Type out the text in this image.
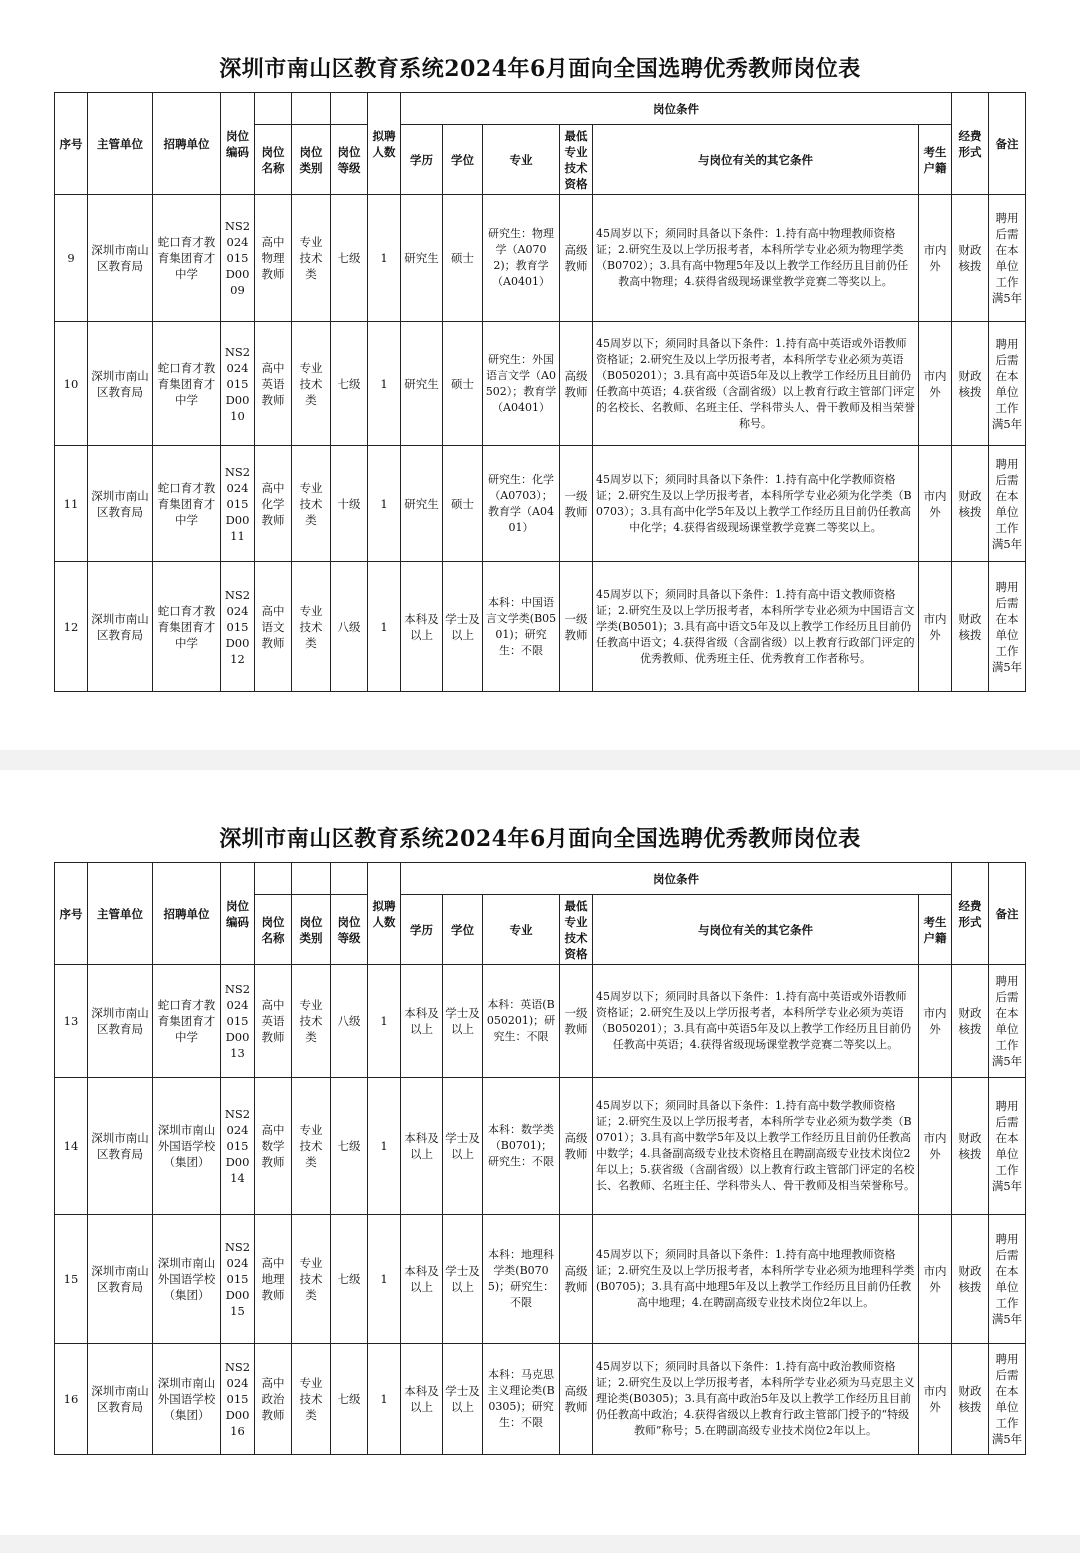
深圳市南山区教育系统2024年6月面向全国选聘优秀教师岗位表
序号	主管单位	招聘单位	岗位编码				拟聘人数	岗位条件						经费形式	备注
				岗位名称	岗位类别	岗位等级		学历	学位	专业	最低专业技术资格	与岗位有关的其它条件	考生户籍		
9	深圳市南山区教育局	蛇口育才教育集团育才中学	NS2024015D0009	高中物理教师	专业技术类	七级	1	研究生	硕士	研究生：物理学（A0702)；教育学（A0401）	高级教师	45周岁以下；须同时具备以下条件：1.持有高中物理教师资格证；2.研究生及以上学历报考者，本科所学专业必须为物理学类（B0702）；3.具有高中物理5年及以上教学工作经历且目前仍任教高中物理；4.获得省级现场课堂教学竞赛二等奖以上。	市内外	财政核拨	聘用后需在本单位工作满5年
10	深圳市南山区教育局	蛇口育才教育集团育才中学	NS2024015D0010	高中英语教师	专业技术类	七级	1	研究生	硕士	研究生：外国语言文学（A0502）；教育学（A0401）	高级教师	45周岁以下；须同时具备以下条件：1.持有高中英语或外语教师资格证；2.研究生及以上学历报考者，本科所学专业必须为英语（B050201）；3.具有高中英语5年及以上教学工作经历且目前仍任教高中英语；4.获省级（含副省级）以上教育行政主管部门评定的名校长、名教师、名班主任、学科带头人、骨干教师及相当荣誉称号。	市内外	财政核拨	聘用后需在本单位工作满5年
11	深圳市南山区教育局	蛇口育才教育集团育才中学	NS2024015D0011	高中化学教师	专业技术类	十级	1	研究生	硕士	研究生：化学（A0703）；教育学（A0401）	一级教师	45周岁以下；须同时具备以下条件：1.持有高中化学教师资格证；2.研究生及以上学历报考者，本科所学专业必须为化学类（B0703）；3.具有高中化学5年及以上教学工作经历且目前仍任教高中化学；4.获得省级现场课堂教学竞赛二等奖以上。	市内外	财政核拨	聘用后需在本单位工作满5年
12	深圳市南山区教育局	蛇口育才教育集团育才中学	NS2024015D0012	高中语文教师	专业技术类	八级	1	本科及以上	学士及以上	本科：中国语言文学类(B0501)；研究生：不限	一级教师	45周岁以下；须同时具备以下条件：1.持有高中语文教师资格证；2.研究生及以上学历报考者，本科所学专业必须为中国语言文学类(B0501)；3.具有高中语文5年及以上教学工作经历且目前仍任教高中语文；4.获得省级（含副省级）以上教育行政部门评定的优秀教师、优秀班主任、优秀教育工作者称号。	市内外	财政核拨	聘用后需在本单位工作满5年
深圳市南山区教育系统2024年6月面向全国选聘优秀教师岗位表
序号	主管单位	招聘单位	岗位编码				拟聘人数	岗位条件						经费形式	备注
				岗位名称	岗位类别	岗位等级		学历	学位	专业	最低专业技术资格	与岗位有关的其它条件	考生户籍		
13	深圳市南山区教育局	蛇口育才教育集团育才中学	NS2024015D0013	高中英语教师	专业技术类	八级	1	本科及以上	学士及以上	本科：英语(B050201)；研究生：不限	一级教师	45周岁以下；须同时具备以下条件：1.持有高中英语或外语教师资格证；2.研究生及以上学历报考者，本科所学专业必须为英语（B050201）；3.具有高中英语5年及以上教学工作经历且目前仍任教高中英语；4.获得省级现场课堂教学竞赛二等奖以上。	市内外	财政核拨	聘用后需在本单位工作满5年
14	深圳市南山区教育局	深圳市南山外国语学校（集团）	NS2024015D0014	高中数学教师	专业技术类	七级	1	本科及以上	学士及以上	本科：数学类（B0701)；研究生：不限	高级教师	45周岁以下；须同时具备以下条件：1.持有高中数学教师资格证；2.研究生及以上学历报考者，本科所学专业必须为数学类（B0701）；3.具有高中数学5年及以上教学工作经历且目前仍任教高中数学；4.具备副高级专业技术资格且在聘副高级专业技术岗位2年以上；5.获省级（含副省级）以上教育行政主管部门评定的名校长、名教师、名班主任、学科带头人、骨干教师及相当荣誉称号。	市内外	财政核拨	聘用后需在本单位工作满5年
15	深圳市南山区教育局	深圳市南山外国语学校（集团）	NS2024015D0015	高中地理教师	专业技术类	七级	1	本科及以上	学士及以上	本科：地理科学类(B0705)；研究生：不限	高级教师	45周岁以下；须同时具备以下条件：1.持有高中地理教师资格证；2.研究生及以上学历报考者，本科所学专业必须为地理科学类(B0705)；3.具有高中地理5年及以上教学工作经历且目前仍任教高中地理；4.在聘副高级专业技术岗位2年以上。	市内外	财政核拨	聘用后需在本单位工作满5年
16	深圳市南山区教育局	深圳市南山外国语学校（集团）	NS2024015D0016	高中政治教师	专业技术类	七级	1	本科及以上	学士及以上	本科：马克思主义理论类(B0305)；研究生：不限	高级教师	45周岁以下；须同时具备以下条件：1.持有高中政治教师资格证；2.研究生及以上学历报考者，本科所学专业必须为马克思主义理论类(B0305)；3.具有高中政治5年及以上教学工作经历且目前仍任教高中政治；4.获得省级以上教育行政主管部门授予的“特级教师”称号；5.在聘副高级专业技术岗位2年以上。	市内外	财政核拨	聘用后需在本单位工作满5年
